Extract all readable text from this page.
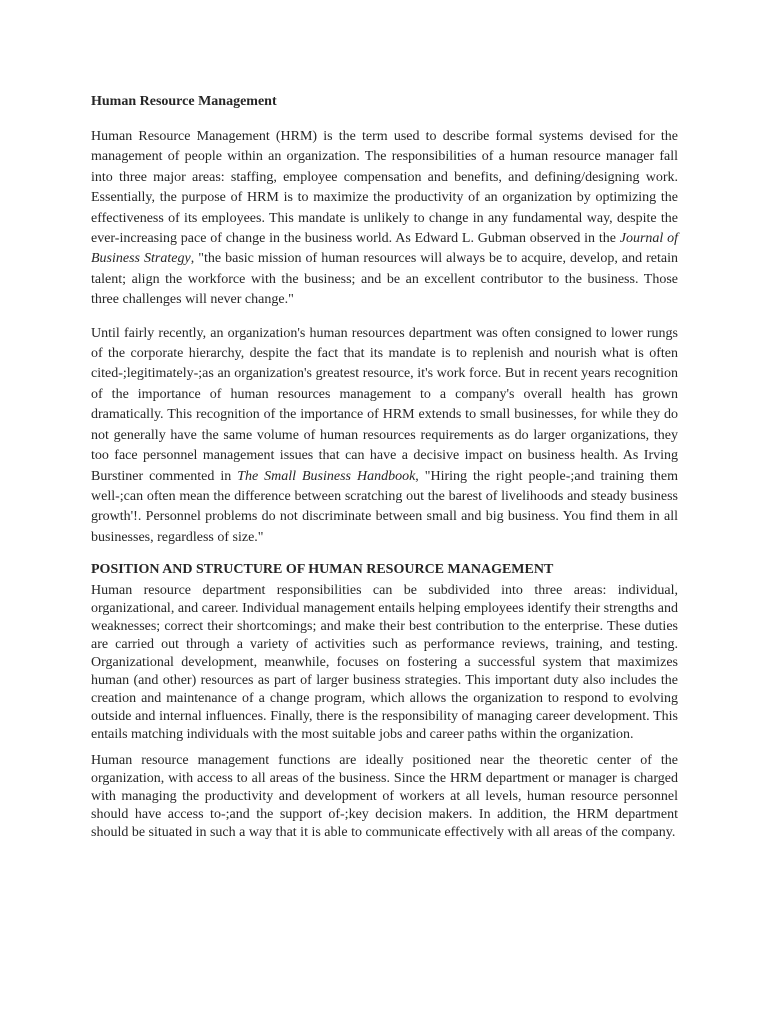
Human Resource Management

Human Resource Management (HRM) is the term used to describe formal systems devised for the management of people within an organization. The responsibilities of a human resource manager fall into three major areas: staffing, employee compensation and benefits, and defining/designing work. Essentially, the purpose of HRM is to maximize the productivity of an organization by optimizing the effectiveness of its employees. This mandate is unlikely to change in any fundamental way, despite the ever-increasing pace of change in the business world. As Edward L. Gubman observed in the Journal of Business Strategy, "the basic mission of human resources will always be to acquire, develop, and retain talent; align the workforce with the business; and be an excellent contributor to the business. Those three challenges will never change."

Until fairly recently, an organization's human resources department was often consigned to lower rungs of the corporate hierarchy, despite the fact that its mandate is to replenish and nourish what is often cited-;legitimately-;as an organization's greatest resource, it's work force. But in recent years recognition of the importance of human resources management to a company's overall health has grown dramatically. This recognition of the importance of HRM extends to small businesses, for while they do not generally have the same volume of human resources requirements as do larger organizations, they too face personnel management issues that can have a decisive impact on business health. As Irving Burstiner commented in The Small Business Handbook, "Hiring the right people-;and training them well-;can often mean the difference between scratching out the barest of livelihoods and steady business growth'!. Personnel problems do not discriminate between small and big business. You find them in all businesses, regardless of size."

POSITION AND STRUCTURE OF HUMAN RESOURCE MANAGEMENT

Human resource department responsibilities can be subdivided into three areas: individual, organizational, and career. Individual management entails helping employees identify their strengths and weaknesses; correct their shortcomings; and make their best contribution to the enterprise. These duties are carried out through a variety of activities such as performance reviews, training, and testing. Organizational development, meanwhile, focuses on fostering a successful system that maximizes human (and other) resources as part of larger business strategies. This important duty also includes the creation and maintenance of a change program, which allows the organization to respond to evolving outside and internal influences. Finally, there is the responsibility of managing career development. This entails matching individuals with the most suitable jobs and career paths within the organization.

Human resource management functions are ideally positioned near the theoretic center of the organization, with access to all areas of the business. Since the HRM department or manager is charged with managing the productivity and development of workers at all levels, human resource personnel should have access to-;and the support of-;key decision makers. In addition, the HRM department should be situated in such a way that it is able to communicate effectively with all areas of the company.
